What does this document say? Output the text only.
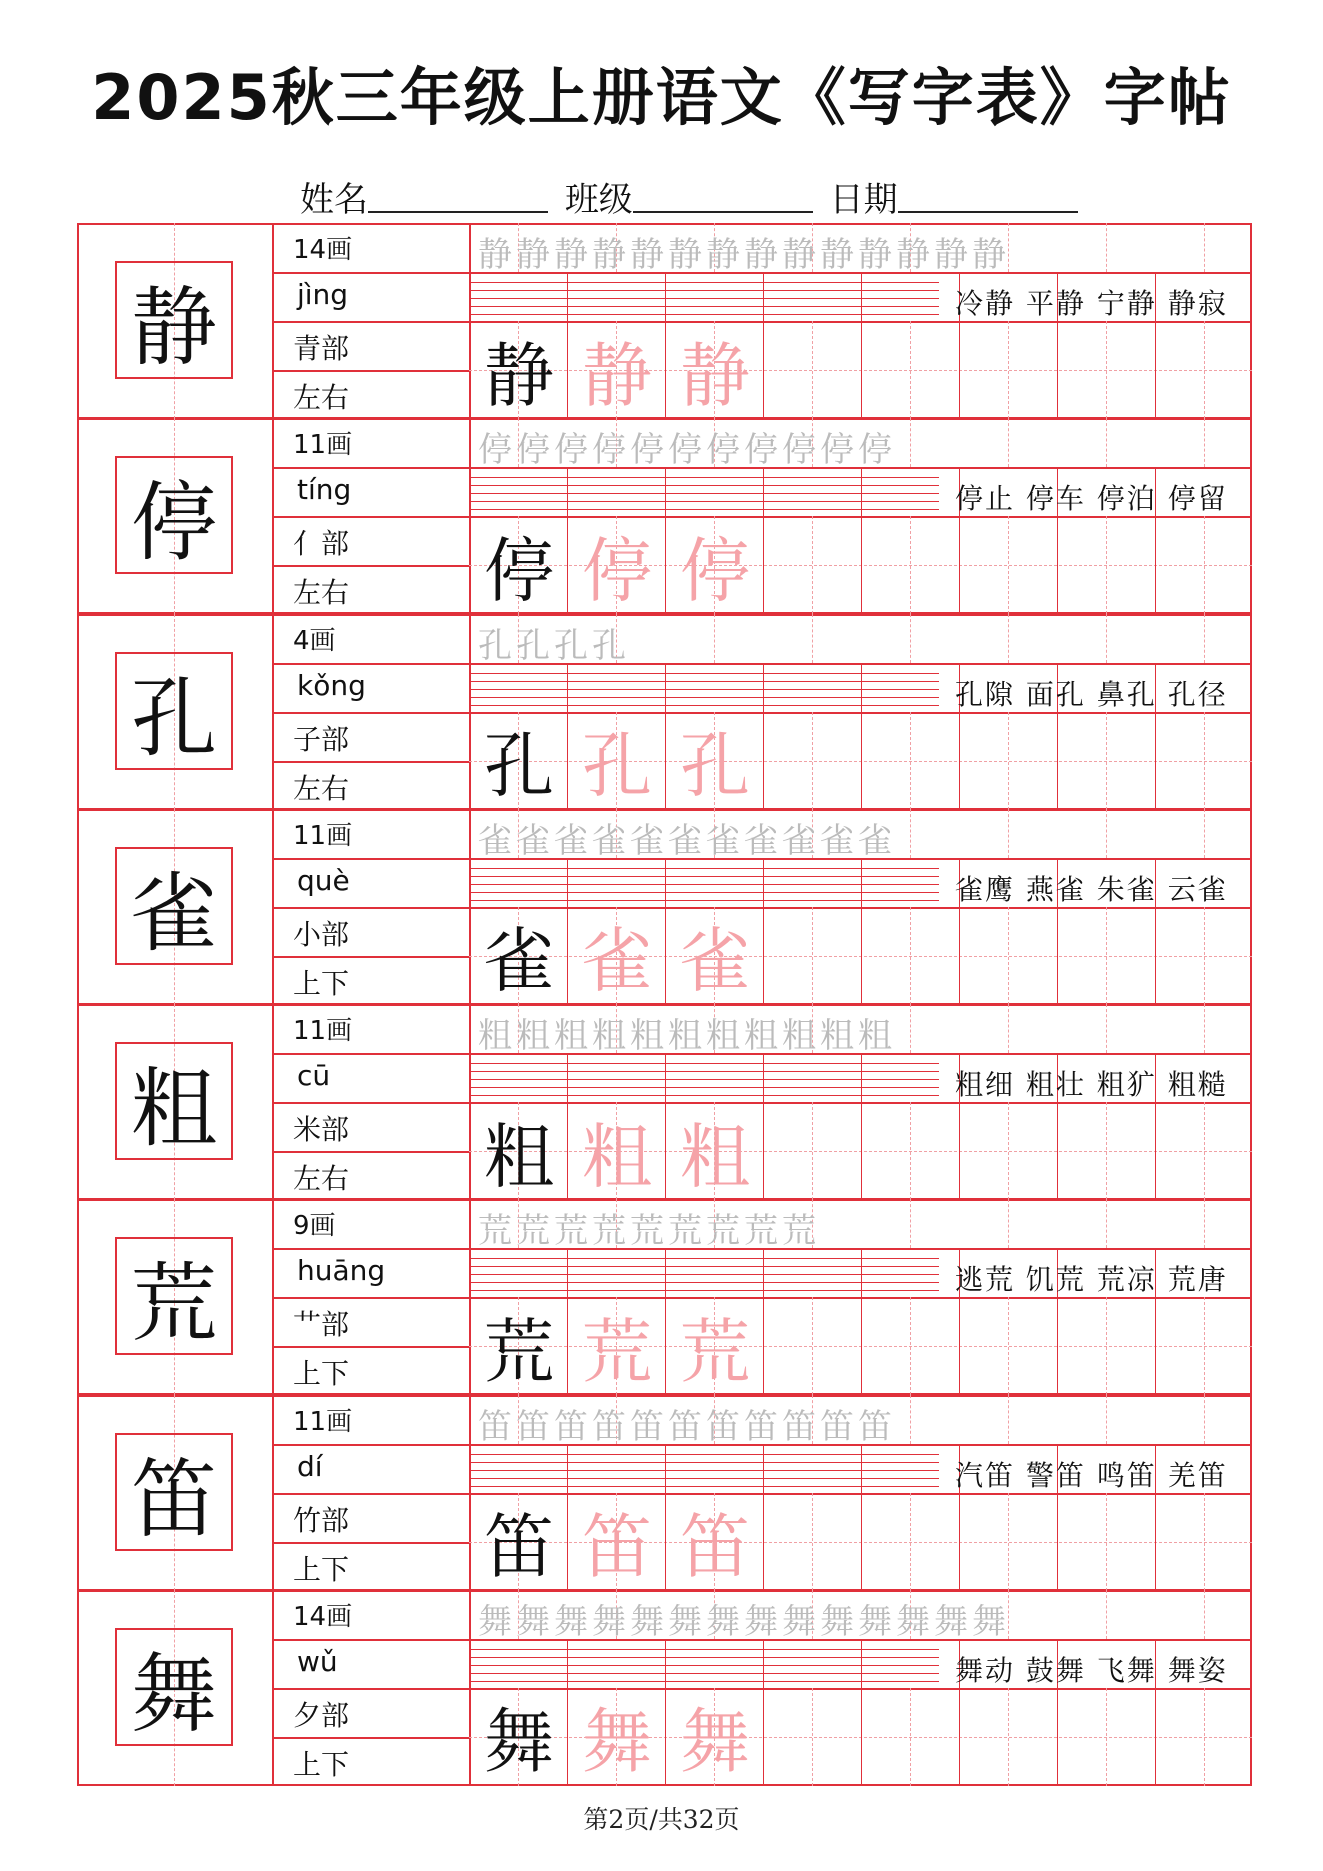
2025秋三年级上册语文《写字表》字帖
姓名	班级	日期
静
14画
jìng
青部
左右
静静静静静静静静静静静静静静
冷静 平静 宁静 静寂
静 静 静
停
11画
tíng
亻部
左右
停停停停停停停停停停停
停止 停车 停泊 停留
停 停 停
孔
4画
kǒng
子部
左右
孔孔孔孔
孔隙 面孔 鼻孔 孔径
孔 孔 孔
雀
11画
què
小部
上下
雀雀雀雀雀雀雀雀雀雀雀
雀鹰 燕雀 朱雀 云雀
雀 雀 雀
粗
11画
cū
米部
左右
粗粗粗粗粗粗粗粗粗粗粗
粗细 粗壮 粗犷 粗糙
粗 粗 粗
荒
9画
huāng
艹部
上下
荒荒荒荒荒荒荒荒荒
逃荒 饥荒 荒凉 荒唐
荒 荒 荒
笛
11画
dí
竹部
上下
笛笛笛笛笛笛笛笛笛笛笛
汽笛 警笛 鸣笛 羌笛
笛 笛 笛
舞
14画
wǔ
夕部
上下
舞舞舞舞舞舞舞舞舞舞舞舞舞舞
舞动 鼓舞 飞舞 舞姿
舞 舞 舞
第2页/共32页
